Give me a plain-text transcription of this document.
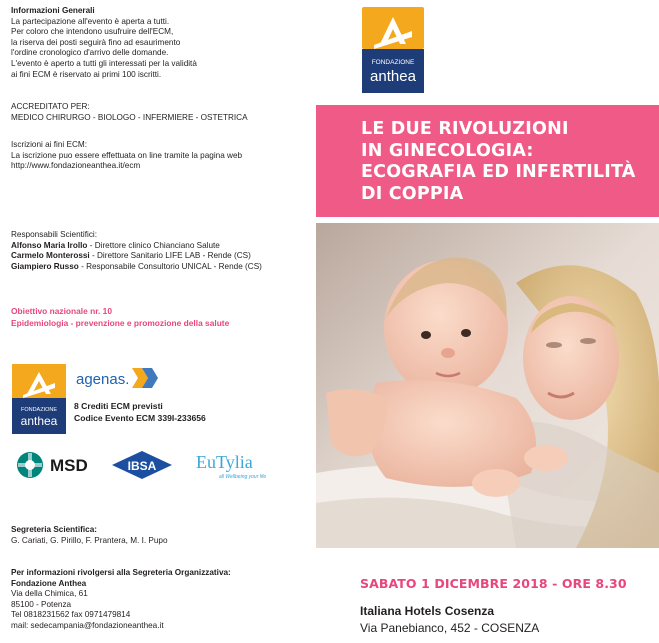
Informazioni Generali

La partecipazione all'evento è aperta a tutti.

Per coloro che intendono usufruire dell'ECM,

la riserva dei posti seguirà fino ad esaurimento

l'ordine cronologico d'arrivo delle domande.

L'evento è aperto a tutti gli interessati per la validità

ai fini ECM è riservato ai primi 100 iscritti.

ACCREDITATO PER:

MEDICO CHIRURGO - BIOLOGO - INFERMIERE - OSTETRICA

Iscrizioni ai fini ECM:

La iscrizione puo essere effettuata on line tramite la pagina web

http://www.fondazioneanthea.it/ecm

Responsabili Scientifici:

Alfonso Maria Irollo - Direttore clinico Chianciano Salute

Carmelo Monterossi - Direttore Sanitario LIFE LAB - Rende (CS)

Giampiero Russo - Responsabile Consultorio UNICAL - Rende (CS)

Obiettivo nazionale nr. 10

Epidemiologia - prevenzione e promozione della salute

FONDAZIONE
anthea
agenas.

8 Crediti ECM previsti

Codice Evento ECM 339I-233656

MSD	IBSA EuTylia
all Wellbeing your life

Segreteria Scientifica:

G. Cariati, G. Pirillo, F. Prantera, M. I. Pupo

Per informazioni rivolgersi alla Segreteria Organizzativa:

Fondazione Anthea

Via della Chimica, 61

85100 - Potenza

Tel 0818231562 fax 0971479814

mail: sedecampania@fondazioneanthea.it

FONDAZIONE
anthea

LE DUE RIVOLUZIONI
IN GINECOLOGIA:
ECOGRAFIA ED INFERTILITÀ
DI COPPIA

SABATO 1 DICEMBRE 2018 - ORE 8.30

Italiana Hotels Cosenza

Via Panebianco, 452 - COSENZA
